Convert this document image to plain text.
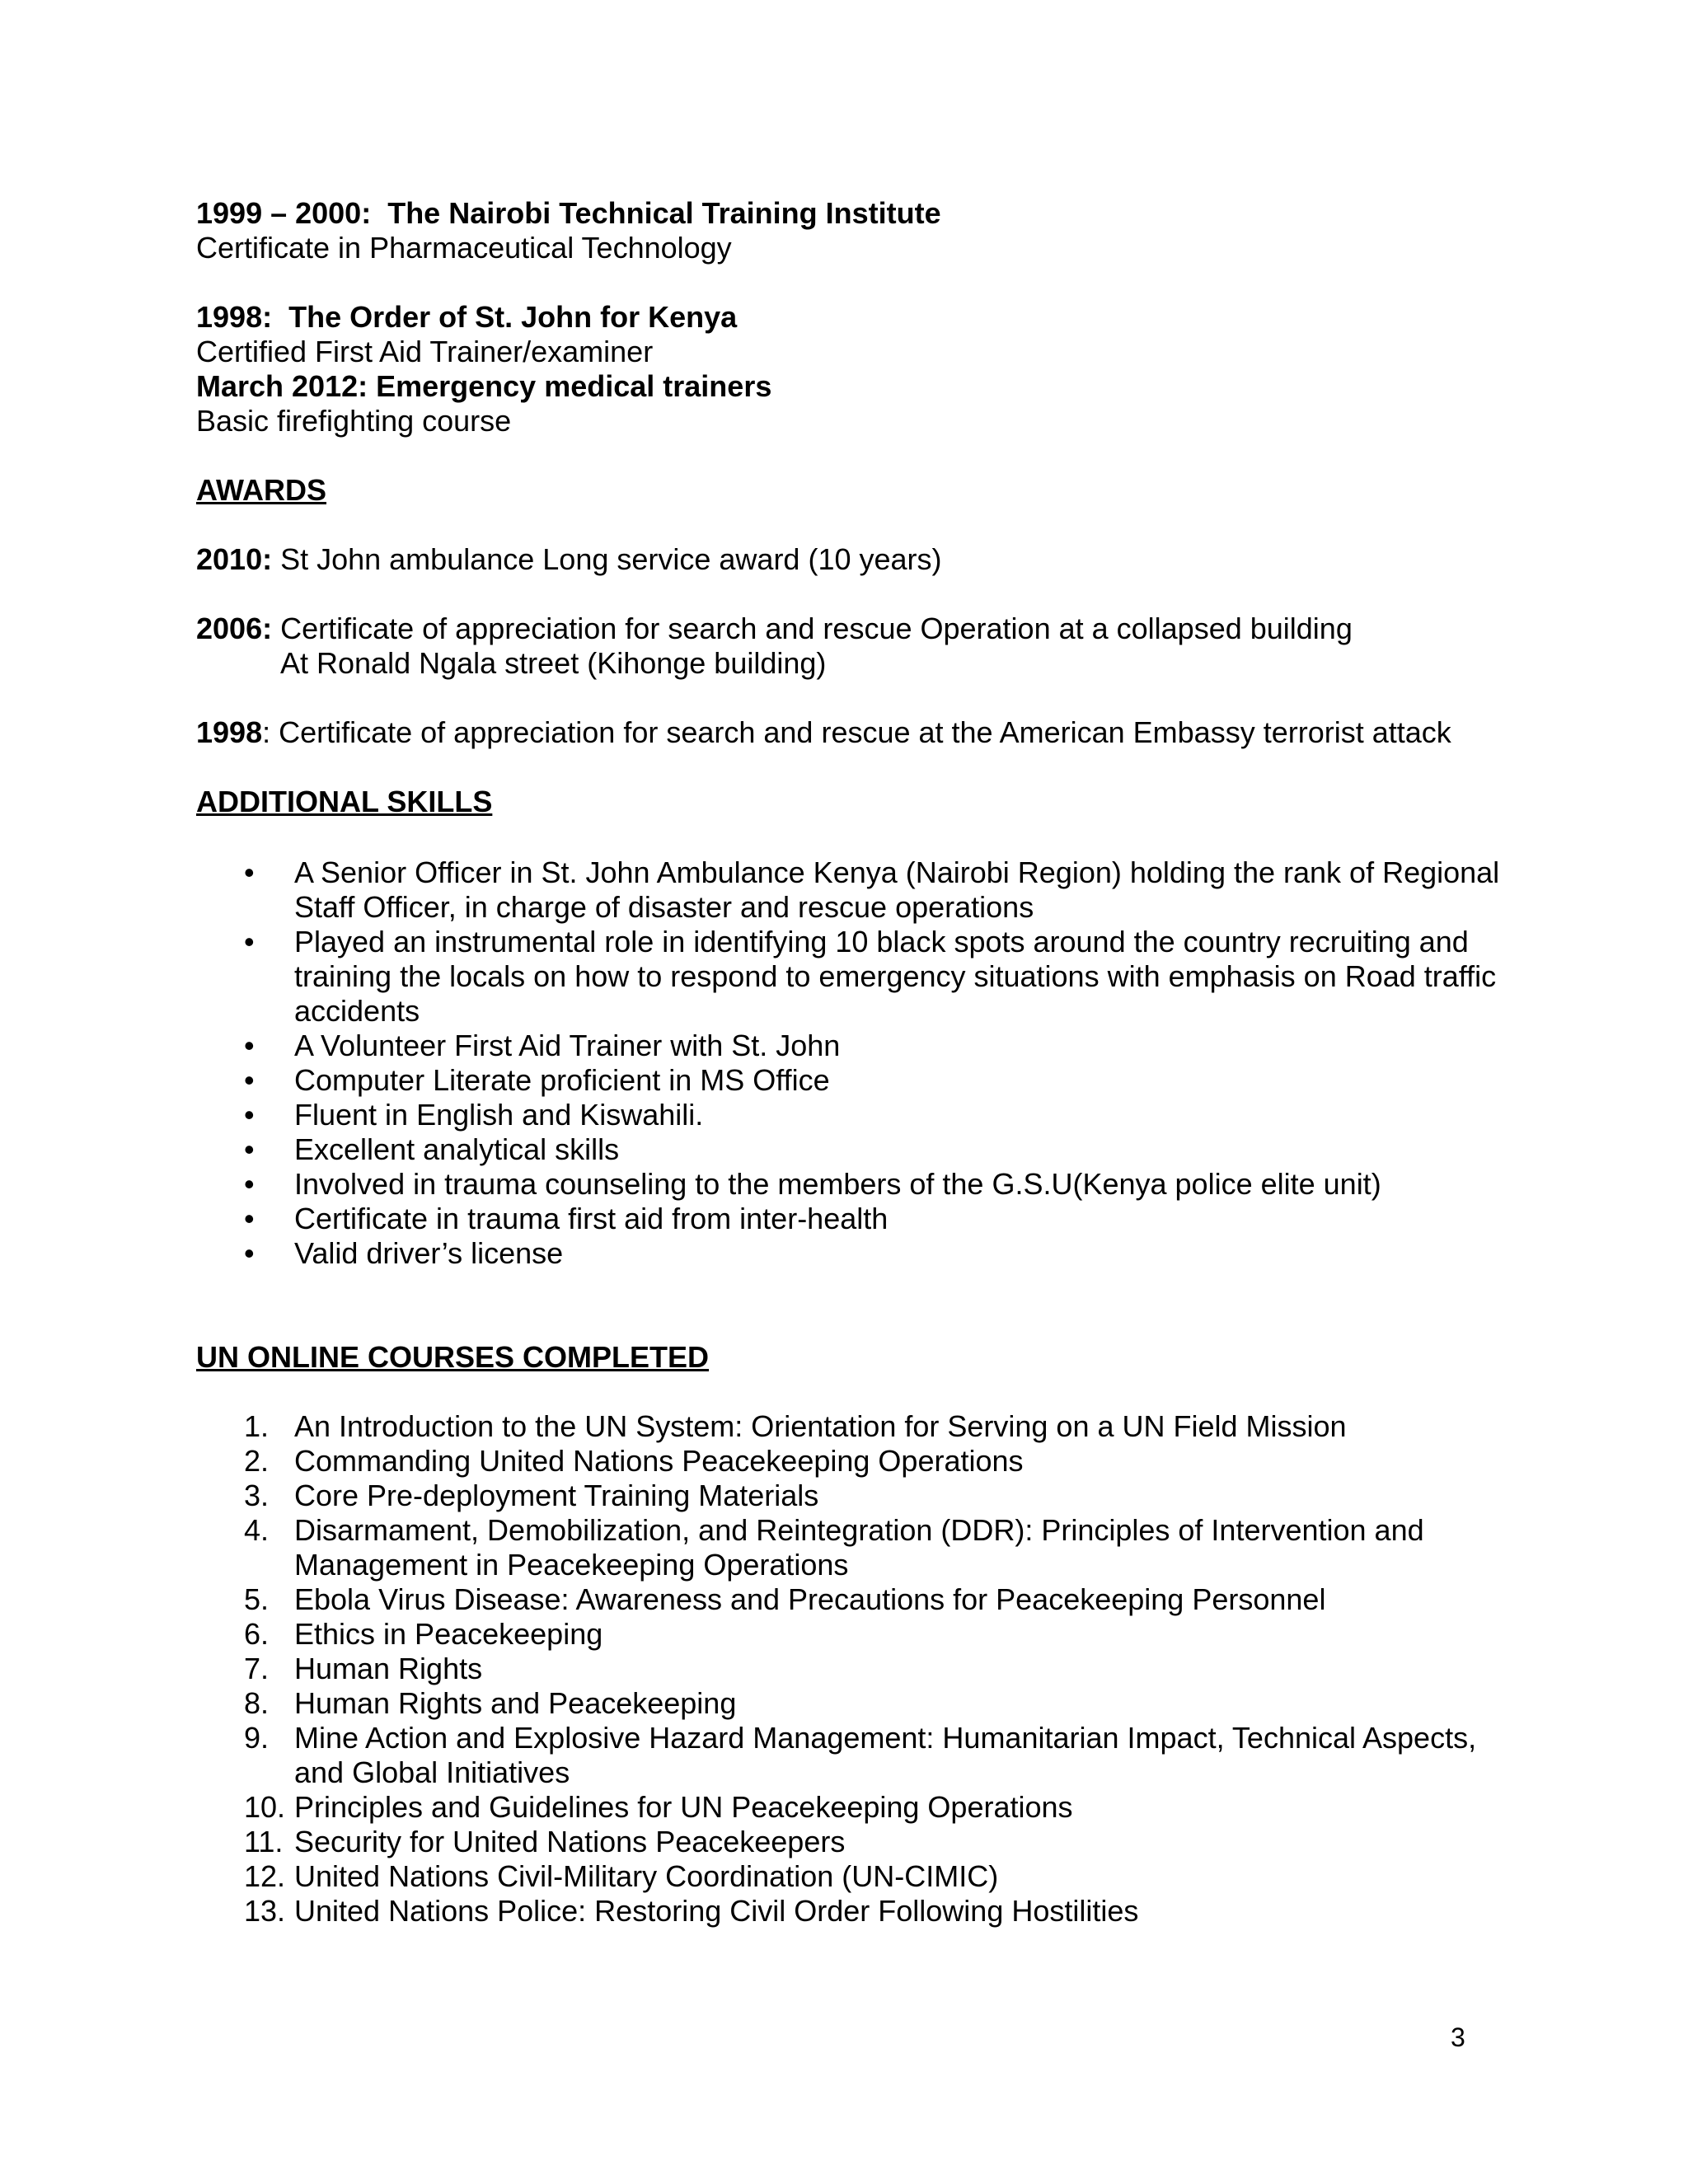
1999 – 2000: The Nairobi Technical Training Institute

Certificate in Pharmaceutical Technology

1998: The Order of St. John for Kenya

Certified First Aid Trainer/examiner

March 2012: Emergency medical trainers

Basic firefighting course

AWARDS

2010: St John ambulance Long service award (10 years)

2006: Certificate of appreciation for search and rescue Operation at a collapsed building

At Ronald Ngala street (Kihonge building)

1998: Certificate of appreciation for search and rescue at the American Embassy terrorist attack

ADDITIONAL SKILLS

• A Senior Officer in St. John Ambulance Kenya (Nairobi Region) holding the rank of Regional Staff Officer, in charge of disaster and rescue operations
• Played an instrumental role in identifying 10 black spots around the country recruiting and training the locals on how to respond to emergency situations with emphasis on Road traffic accidents
• A Volunteer First Aid Trainer with St. John
• Computer Literate proficient in MS Office
• Fluent in English and Kiswahili.
• Excellent analytical skills
• Involved in trauma counseling to the members of the G.S.U(Kenya police elite unit)
• Certificate in trauma first aid from inter-health
• Valid driver’s license

UN ONLINE COURSES COMPLETED

1. An Introduction to the UN System: Orientation for Serving on a UN Field Mission
2. Commanding United Nations Peacekeeping Operations
3. Core Pre-deployment Training Materials
4. Disarmament, Demobilization, and Reintegration (DDR): Principles of Intervention and Management in Peacekeeping Operations
5. Ebola Virus Disease: Awareness and Precautions for Peacekeeping Personnel
6. Ethics in Peacekeeping
7. Human Rights
8. Human Rights and Peacekeeping
9. Mine Action and Explosive Hazard Management: Humanitarian Impact, Technical Aspects, and Global Initiatives
10. Principles and Guidelines for UN Peacekeeping Operations
11. Security for United Nations Peacekeepers
12. United Nations Civil-Military Coordination (UN-CIMIC)
13. United Nations Police: Restoring Civil Order Following Hostilities
3
